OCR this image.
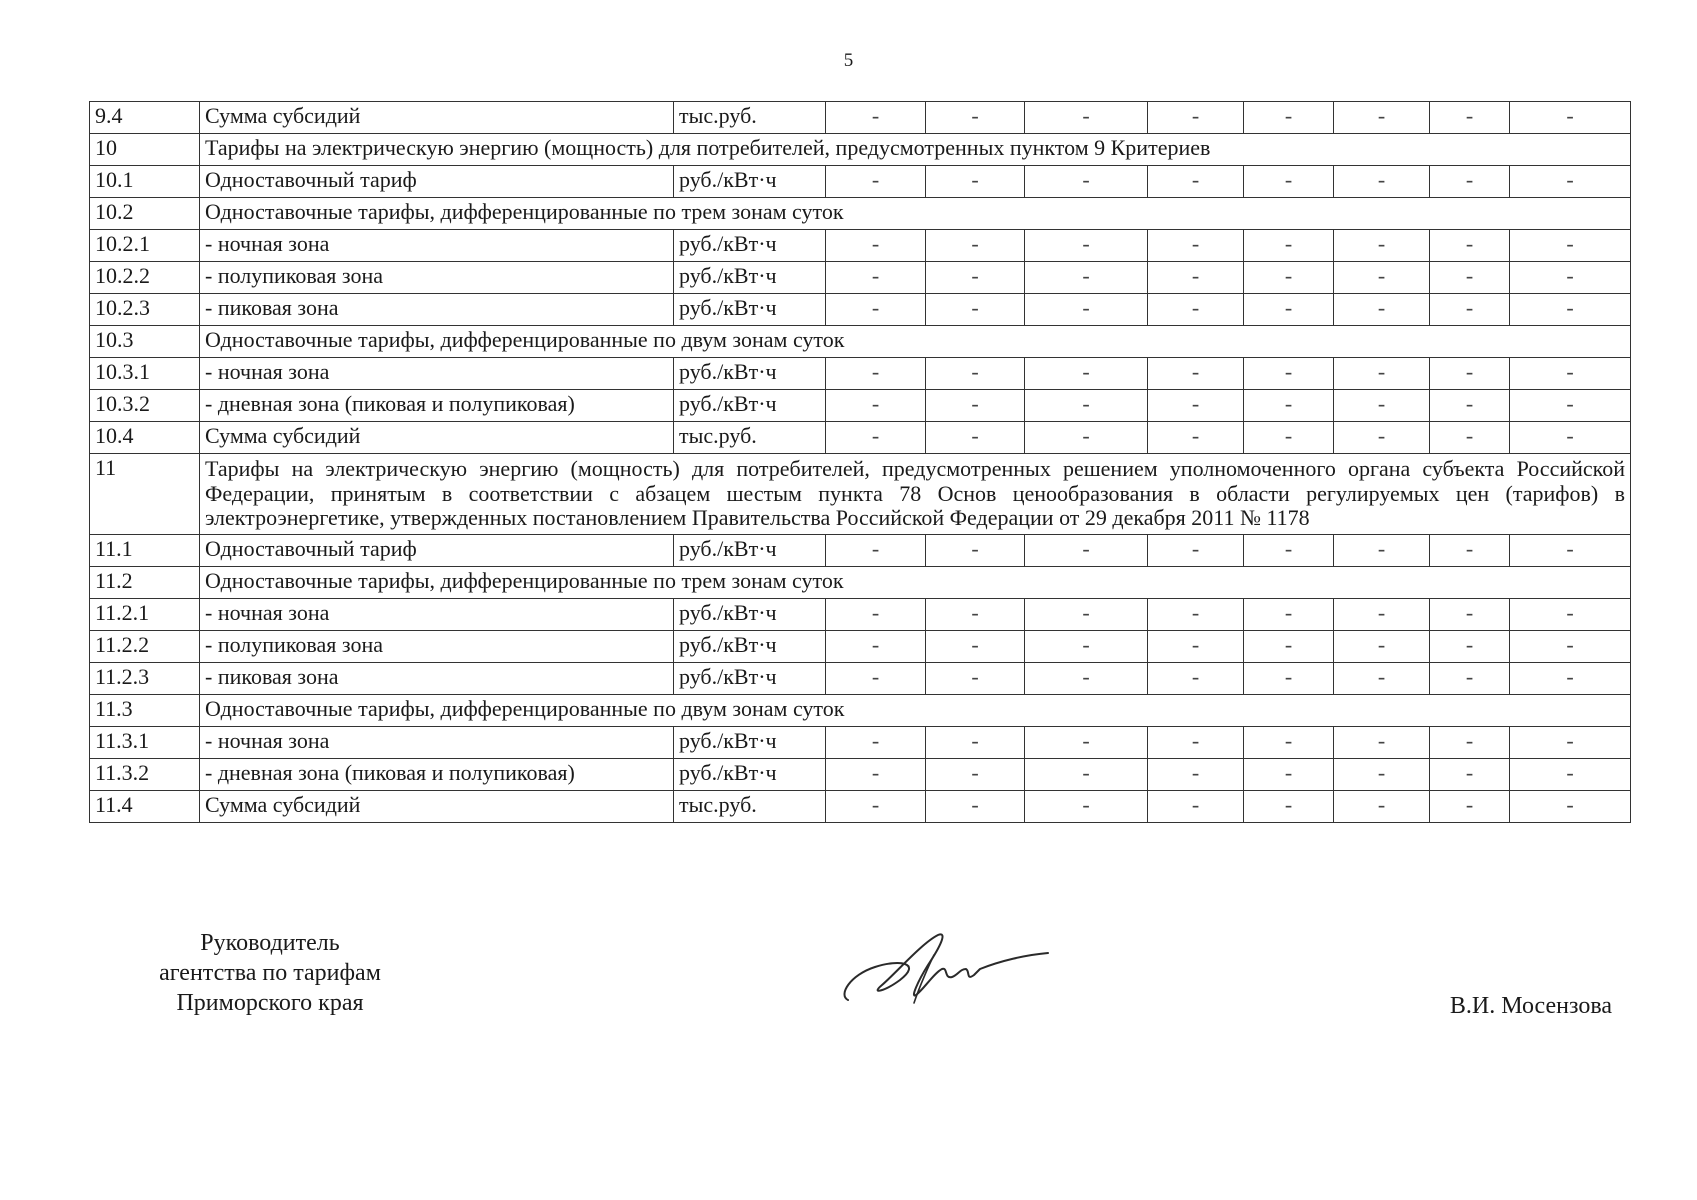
5
9.4	Сумма субсидий	тыс.руб.	-	-	-	-	-	-	-	-
10	Тарифы на электрическую энергию (мощность) для потребителей, предусмотренных пунктом 9 Критериев									
10.1	Одноставочный тариф	руб./кВт·ч	-	-	-	-	-	-	-	-
10.2	Одноставочные тарифы, дифференцированные по трем зонам суток									
10.2.1	- ночная зона	руб./кВт·ч	-	-	-	-	-	-	-	-
10.2.2	- полупиковая зона	руб./кВт·ч	-	-	-	-	-	-	-	-
10.2.3	- пиковая зона	руб./кВт·ч	-	-	-	-	-	-	-	-
10.3	Одноставочные тарифы, дифференцированные по двум зонам суток									
10.3.1	- ночная зона	руб./кВт·ч	-	-	-	-	-	-	-	-
10.3.2	- дневная зона (пиковая и полупиковая)	руб./кВт·ч	-	-	-	-	-	-	-	-
10.4	Сумма субсидий	тыс.руб.	-	-	-	-	-	-	-	-
11	Тарифы на электрическую энергию (мощность) для потребителей, предусмотренных решением уполномоченного органа субъекта Российской Федерации, принятым в соответствии с абзацем шестым пункта 78 Основ ценообразования в области регулируемых цен (тарифов) в электроэнергетике, утвержденных постановлением Правительства Российской Федерации от 29 декабря 2011 № 1178									
11.1	Одноставочный тариф	руб./кВт·ч	-	-	-	-	-	-	-	-
11.2	Одноставочные тарифы, дифференцированные по трем зонам суток									
11.2.1	- ночная зона	руб./кВт·ч	-	-	-	-	-	-	-	-
11.2.2	- полупиковая зона	руб./кВт·ч	-	-	-	-	-	-	-	-
11.2.3	- пиковая зона	руб./кВт·ч	-	-	-	-	-	-	-	-
11.3	Одноставочные тарифы, дифференцированные по двум зонам суток									
11.3.1	- ночная зона	руб./кВт·ч	-	-	-	-	-	-	-	-
11.3.2	- дневная зона (пиковая и полупиковая)	руб./кВт·ч	-	-	-	-	-	-	-	-
11.4	Сумма субсидий	тыс.руб.	-	-	-	-	-	-	-	-
Руководитель
агентства по тарифам
Приморского края	В.И. Мосензова
